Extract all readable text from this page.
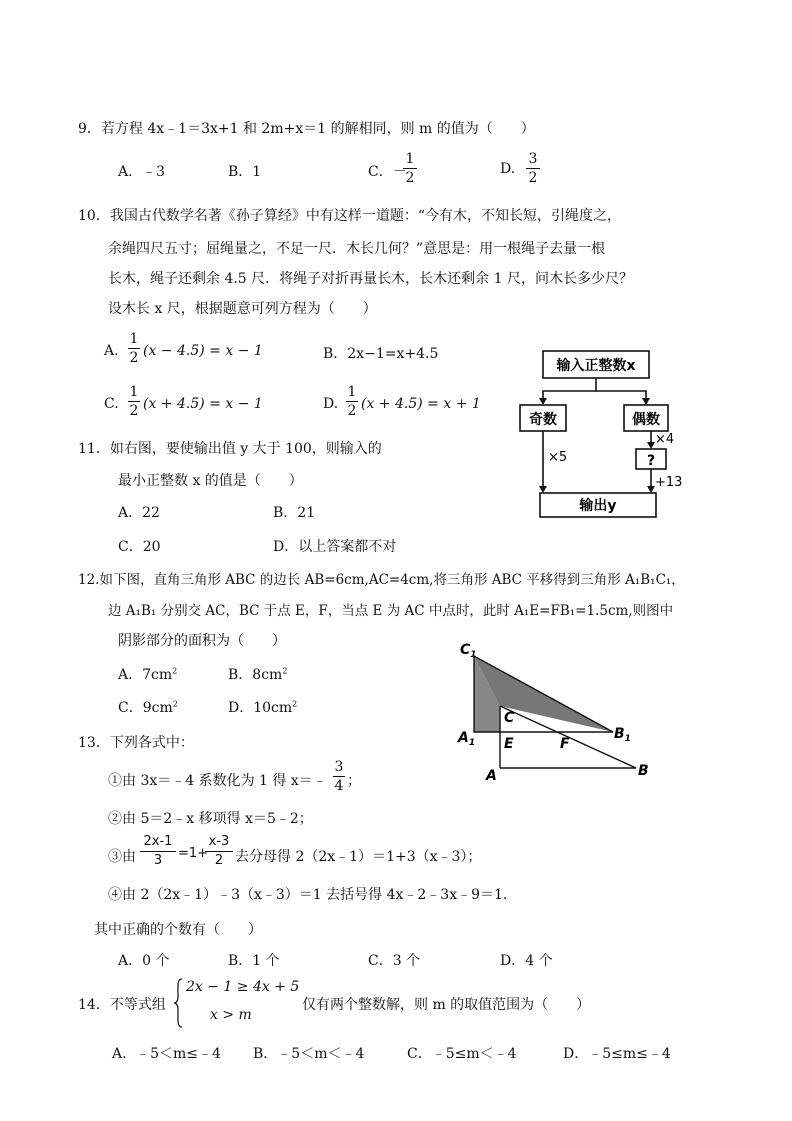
9．若方程 4x﹣1＝3x+1 和 2m+x＝1 的解相同，则 m 的值为（　　）
A．﹣3	B．1	C．－
1
2
D.
3
2
10．我国古代数学名著《孙子算经》中有这样一道题：“今有木，不知长短，引绳度之，
余绳四尺五寸；屈绳量之，不足一尺．木长几何？”意思是：用一根绳子去量一根
长木，绳子还剩余 4.5 尺．将绳子对折再量长木，长木还剩余 1 尺，问木长多少尺？
设木长 x 尺，根据题意可列方程为（　　）
A.
1
2 (x − 4.5) = x − 1	B．2x−1=x+4.5
C.
1
2 (x + 4.5) = x − 1	D.
1
2 (x + 4.5) = x + 1
输入正整数x
奇数	偶数
×5
×4
?
+13
输出y
11．如右图，要使输出值 y 大于 100，则输入的
最小正整数 x 的值是（　　）
A．22	B．21
C．20	D．以上答案都不对
12.如下图，直角三角形 ABC 的边长 AB=6cm,AC=4cm,将三角形 ABC 平移得到三角形 A₁B₁C₁，
边 A₁B₁ 分别交 AC，BC 于点 E，F，当点 E 为 AC 中点时，此时 A₁E=FB₁=1.5cm,则图中
阴影部分的面积为（　　）
A．$7cm^2$	B．$8cm^2$
C．$9cm^2$	D．$10cm^2$
$C_1$
C
$A_1$ E	F
$B_1$
A	B
13．下列各式中：
①由 3x＝﹣4 系数化为 1 得 x＝﹣
3
4 ；
②由 5＝2﹣x 移项得 x＝5﹣2；
③由
2x-1
3	=1+
x-3
2 去分母得 2（2x﹣1）＝1+3（x﹣3）；
④由 2（2x﹣1）﹣3（x﹣3）＝1 去括号得 4x﹣2﹣3x﹣9＝1.
其中正确的个数有（　　）
A．0 个	B．1 个	C．3 个	D．4 个
14．不等式组
2x − 1 ≥ 4x + 5
x > m
仅有两个整数解，则 m 的取值范围为（　　）
A．﹣5＜m≤﹣4 B．﹣5＜m＜﹣4	C．﹣5≤m＜﹣4	D．﹣5≤m≤﹣4
